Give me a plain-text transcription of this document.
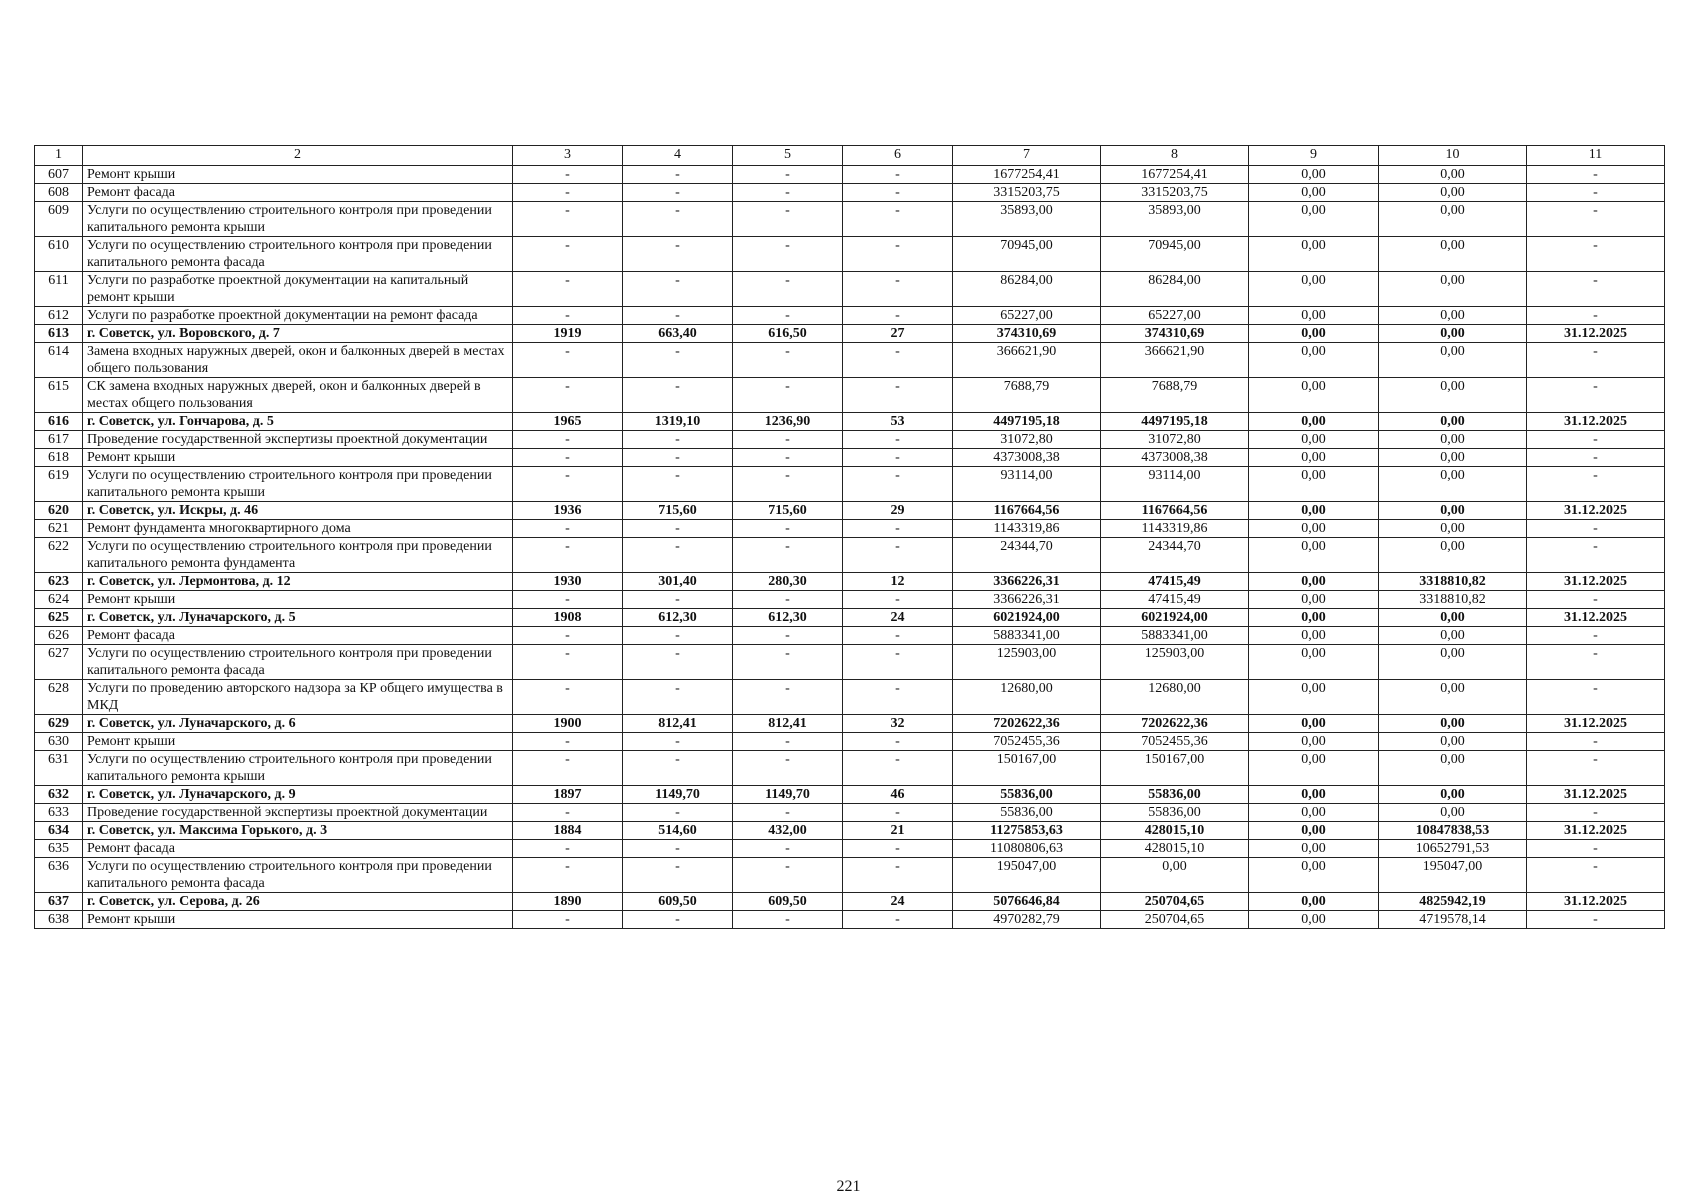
1	2	3	4	5	6	7	8	9	10	11
607	Ремонт крыши	-	-	-	-	1677254,41	1677254,41	0,00	0,00	-
608	Ремонт фасада	-	-	-	-	3315203,75	3315203,75	0,00	0,00	-
609	Услуги по осуществлению строительного контроля при проведении капитального ремонта крыши	-	-	-	-	35893,00	35893,00	0,00	0,00	-
610	Услуги по осуществлению строительного контроля при проведении капитального ремонта фасада	-	-	-	-	70945,00	70945,00	0,00	0,00	-
611	Услуги по разработке проектной документации на капитальный ремонт крыши	-	-	-	-	86284,00	86284,00	0,00	0,00	-
612	Услуги по разработке проектной документации на ремонт фасада	-	-	-	-	65227,00	65227,00	0,00	0,00	-
613	г. Советск, ул. Воровского, д. 7	1919	663,40	616,50	27	374310,69	374310,69	0,00	0,00	31.12.2025
614	Замена входных наружных дверей, окон и балконных дверей в местах общего пользования	-	-	-	-	366621,90	366621,90	0,00	0,00	-
615	СК замена входных наружных дверей, окон и балконных дверей в местах общего пользования	-	-	-	-	7688,79	7688,79	0,00	0,00	-
616	г. Советск, ул. Гончарова, д. 5	1965	1319,10	1236,90	53	4497195,18	4497195,18	0,00	0,00	31.12.2025
617	Проведение государственной экспертизы проектной документации	-	-	-	-	31072,80	31072,80	0,00	0,00	-
618	Ремонт крыши	-	-	-	-	4373008,38	4373008,38	0,00	0,00	-
619	Услуги по осуществлению строительного контроля при проведении капитального ремонта крыши	-	-	-	-	93114,00	93114,00	0,00	0,00	-
620	г. Советск, ул. Искры, д. 46	1936	715,60	715,60	29	1167664,56	1167664,56	0,00	0,00	31.12.2025
621	Ремонт фундамента многоквартирного дома	-	-	-	-	1143319,86	1143319,86	0,00	0,00	-
622	Услуги по осуществлению строительного контроля при проведении капитального ремонта фундамента	-	-	-	-	24344,70	24344,70	0,00	0,00	-
623	г. Советск, ул. Лермонтова, д. 12	1930	301,40	280,30	12	3366226,31	47415,49	0,00	3318810,82	31.12.2025
624	Ремонт крыши	-	-	-	-	3366226,31	47415,49	0,00	3318810,82	-
625	г. Советск, ул. Луначарского, д. 5	1908	612,30	612,30	24	6021924,00	6021924,00	0,00	0,00	31.12.2025
626	Ремонт фасада	-	-	-	-	5883341,00	5883341,00	0,00	0,00	-
627	Услуги по осуществлению строительного контроля при проведении капитального ремонта фасада	-	-	-	-	125903,00	125903,00	0,00	0,00	-
628	Услуги по проведению авторского надзора за КР общего имущества в МКД	-	-	-	-	12680,00	12680,00	0,00	0,00	-
629	г. Советск, ул. Луначарского, д. 6	1900	812,41	812,41	32	7202622,36	7202622,36	0,00	0,00	31.12.2025
630	Ремонт крыши	-	-	-	-	7052455,36	7052455,36	0,00	0,00	-
631	Услуги по осуществлению строительного контроля при проведении капитального ремонта крыши	-	-	-	-	150167,00	150167,00	0,00	0,00	-
632	г. Советск, ул. Луначарского, д. 9	1897	1149,70	1149,70	46	55836,00	55836,00	0,00	0,00	31.12.2025
633	Проведение государственной экспертизы проектной документации	-	-	-	-	55836,00	55836,00	0,00	0,00	-
634	г. Советск, ул. Максима Горького, д. 3	1884	514,60	432,00	21	11275853,63	428015,10	0,00	10847838,53	31.12.2025
635	Ремонт фасада	-	-	-	-	11080806,63	428015,10	0,00	10652791,53	-
636	Услуги по осуществлению строительного контроля при проведении капитального ремонта фасада	-	-	-	-	195047,00	0,00	0,00	195047,00	-
637	г. Советск, ул. Серова, д. 26	1890	609,50	609,50	24	5076646,84	250704,65	0,00	4825942,19	31.12.2025
638	Ремонт крыши	-	-	-	-	4970282,79	250704,65	0,00	4719578,14	-
221
